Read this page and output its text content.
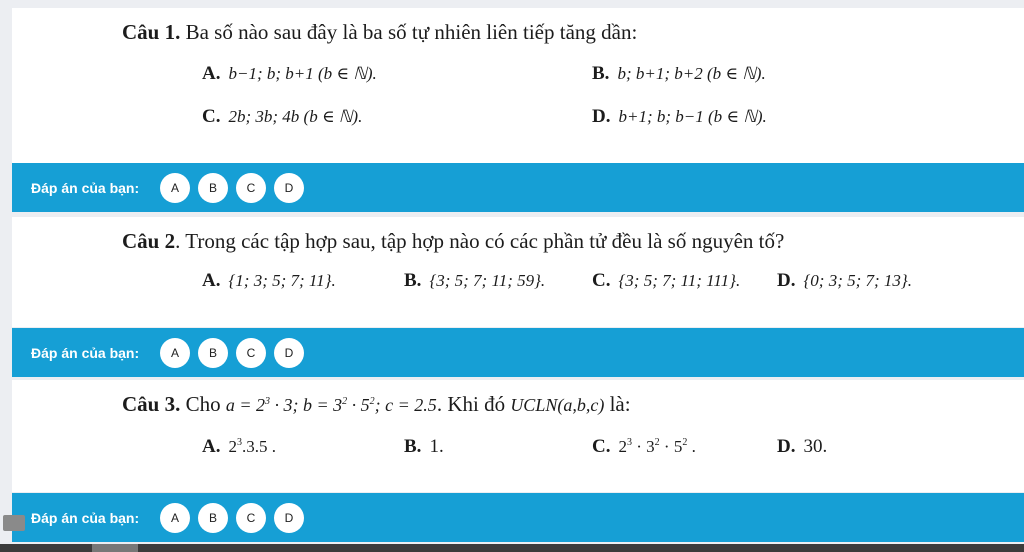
Câu 1. Ba số nào sau đây là ba số tự nhiên liên tiếp tăng dần:
A. b−1; b; b+1 (b ∈ ℕ).	B. b; b+1; b+2 (b ∈ ℕ).
C. 2b; 3b; 4b (b ∈ ℕ).	D. b+1; b; b−1 (b ∈ ℕ).
Đáp án của bạn:	A	B	C	D
Câu 2. Trong các tập hợp sau, tập hợp nào có các phần tử đều là số nguyên tố?
A. {1; 3; 5; 7; 11}.	B. {3; 5; 7; 11; 59}. C. {3; 5; 7; 11; 111}. D. {0; 3; 5; 7; 13}.
Đáp án của bạn:	A	B	C	D
Câu 3. Cho $a = 2^3 \cdot 3$; $b = 3^2 \cdot 5^2$; c = 2.5. Khi đó UCLN(a,b,c) là:
A. $2^3.3.5$ .	B. 1.	C. $2^3 \cdot 3^2 \cdot 5^2$ .	D. 30.
Đáp án của bạn:	A	B	C	D
